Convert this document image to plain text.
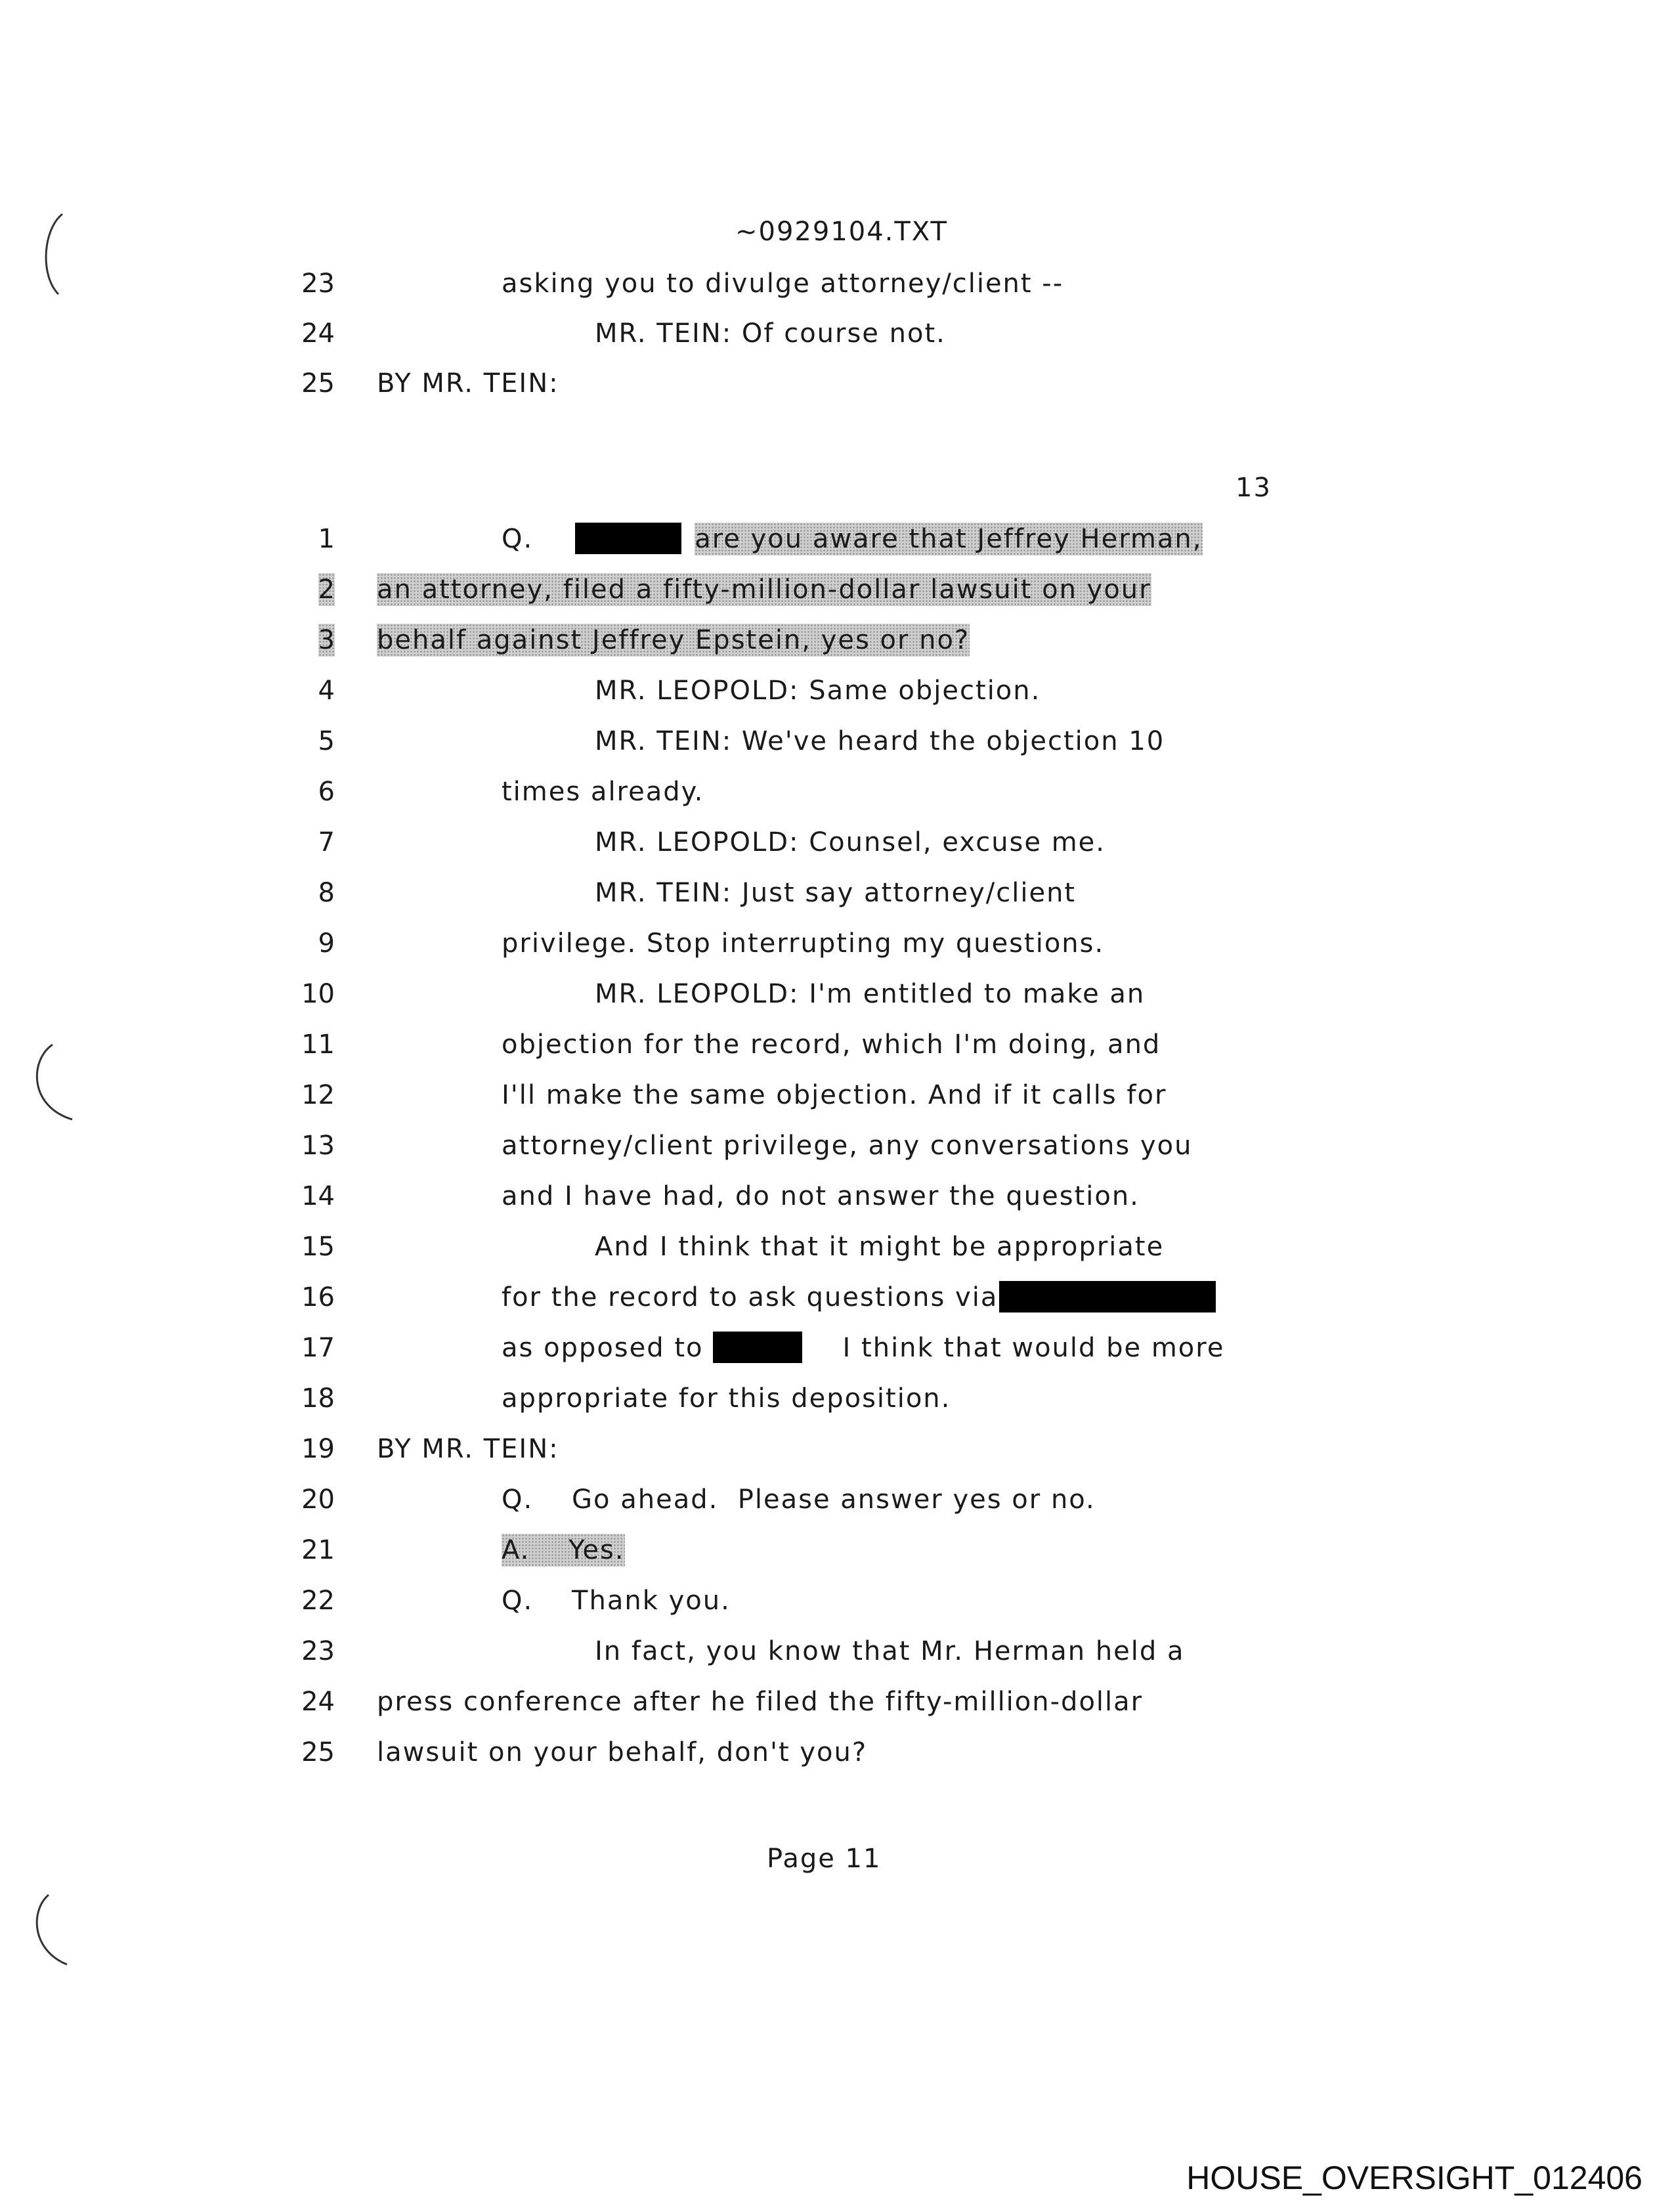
~0929104.TXT
23	asking you to divulge attorney/client --
24	MR. TEIN: Of course not.
25 BY MR. TEIN:
13
1	Q.	are you aware that Jeffrey Herman,
2 an attorney, filed a fifty-million-dollar lawsuit on your
3 behalf against Jeffrey Epstein, yes or no?
4	MR. LEOPOLD: Same objection.
5	MR. TEIN: We've heard the objection 10
6	times already.
7	MR. LEOPOLD: Counsel, excuse me.
8	MR. TEIN: Just say attorney/client
9	privilege. Stop interrupting my questions.
10	MR. LEOPOLD: I'm entitled to make an
11	objection for the record, which I'm doing, and
12	I'll make the same objection. And if it calls for
13	attorney/client privilege, any conversations you
14	and I have had, do not answer the question.
15	And I think that it might be appropriate
16	for the record to ask questions via
17	as opposed to	I think that would be more
18	appropriate for this deposition.
19 BY MR. TEIN:
20	Q.    Go ahead.  Please answer yes or no.
21	A.    Yes.
22	Q.    Thank you.
23	In fact, you know that Mr. Herman held a
24 press conference after he filed the fifty-million-dollar
25 lawsuit on your behalf, don't you?
Page 11
HOUSE_OVERSIGHT_012406
